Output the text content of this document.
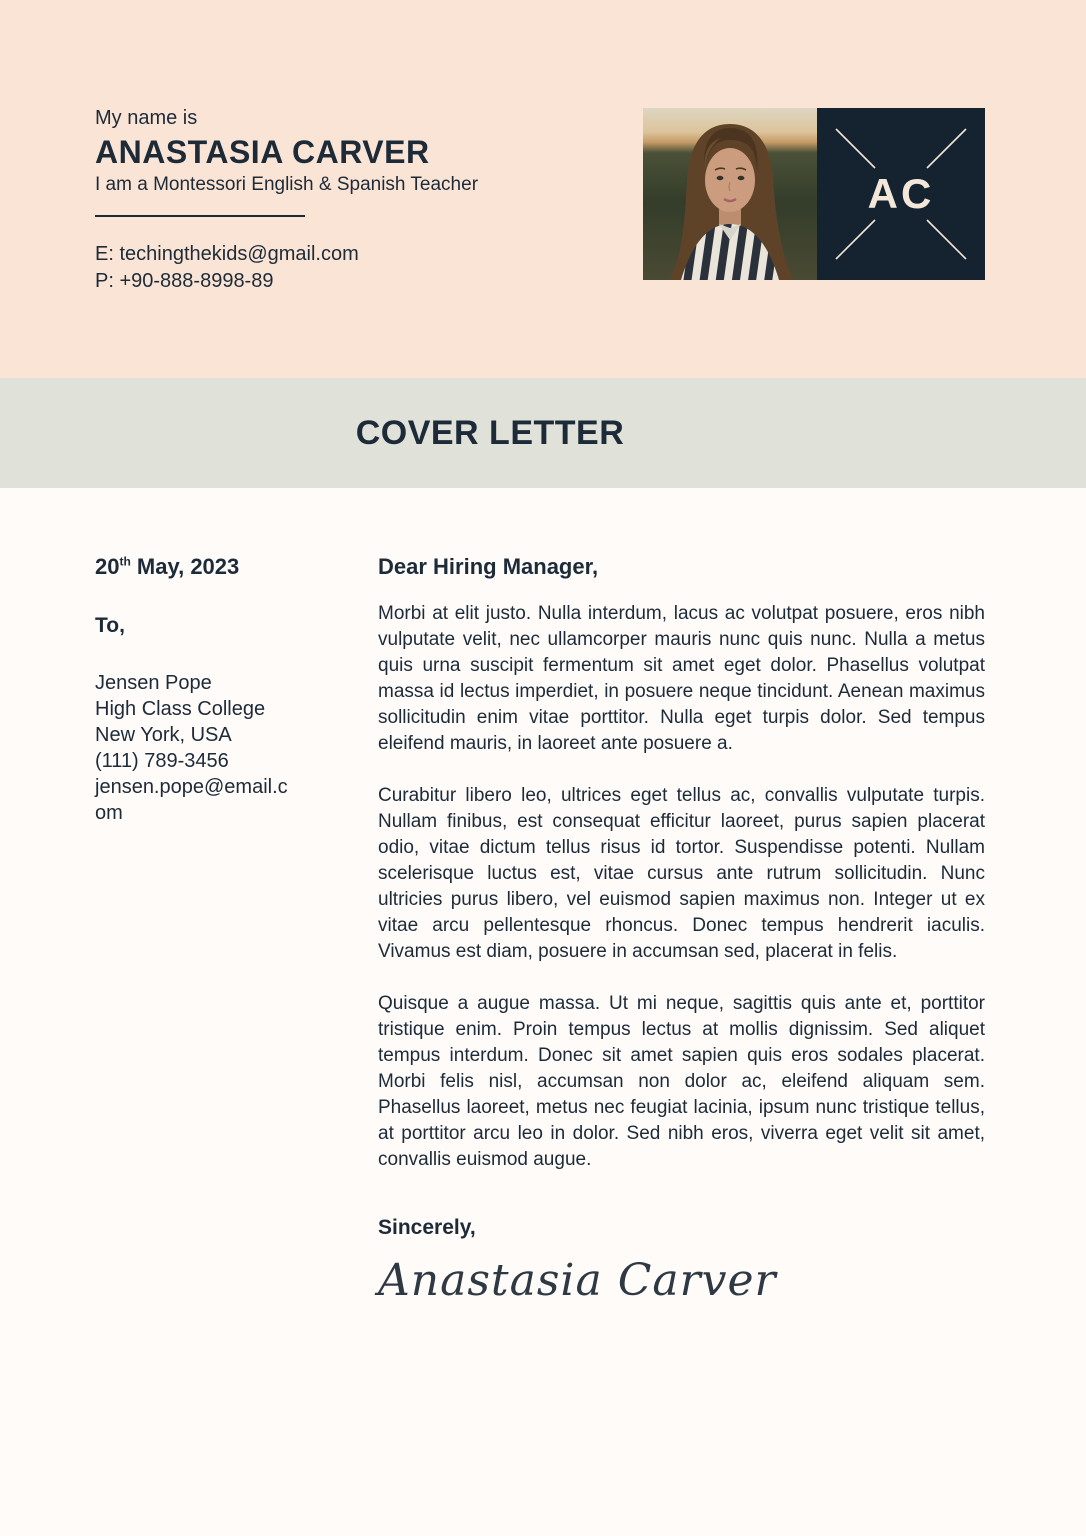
My name is
ANASTASIA CARVER
I am a Montessori English & Spanish Teacher
E: techingthekids@gmail.com
P: +90-888-8998-89
AC
COVER LETTER
20th May, 2023
To,
Jensen Pope
High Class College
New York, USA
(111) 789-3456
jensen.pope@email.com
Dear Hiring Manager,

Morbi at elit justo. Nulla interdum, lacus ac volutpat posuere, eros nibh vulputate velit, nec ullamcorper mauris nunc quis nunc. Nulla a metus quis urna suscipit fermentum sit amet eget dolor. Phasellus volutpat massa id lectus imperdiet, in posuere neque tincidunt. Aenean maximus sollicitudin enim vitae porttitor. Nulla eget turpis dolor. Sed tempus eleifend mauris, in laoreet ante posuere a.

Curabitur libero leo, ultrices eget tellus ac, convallis vulputate turpis. Nullam finibus, est consequat efficitur laoreet, purus sapien placerat odio, vitae dictum tellus risus id tortor. Suspendisse potenti. Nullam scelerisque luctus est, vitae cursus ante rutrum sollicitudin. Nunc ultricies purus libero, vel euismod sapien maximus non. Integer ut ex vitae arcu pellentesque rhoncus. Donec tempus hendrerit iaculis. Vivamus est diam, posuere in accumsan sed, placerat in felis.

Quisque a augue massa. Ut mi neque, sagittis quis ante et, porttitor tristique enim. Proin tempus lectus at mollis dignissim. Sed aliquet tempus interdum. Donec sit amet sapien quis eros sodales placerat. Morbi felis nisl, accumsan non dolor ac, eleifend aliquam sem. Phasellus laoreet, metus nec feugiat lacinia, ipsum nunc tristique tellus, at porttitor arcu leo in dolor. Sed nibh eros, viverra eget velit sit amet, convallis euismod augue.

Sincerely,
Anastasia Carver
